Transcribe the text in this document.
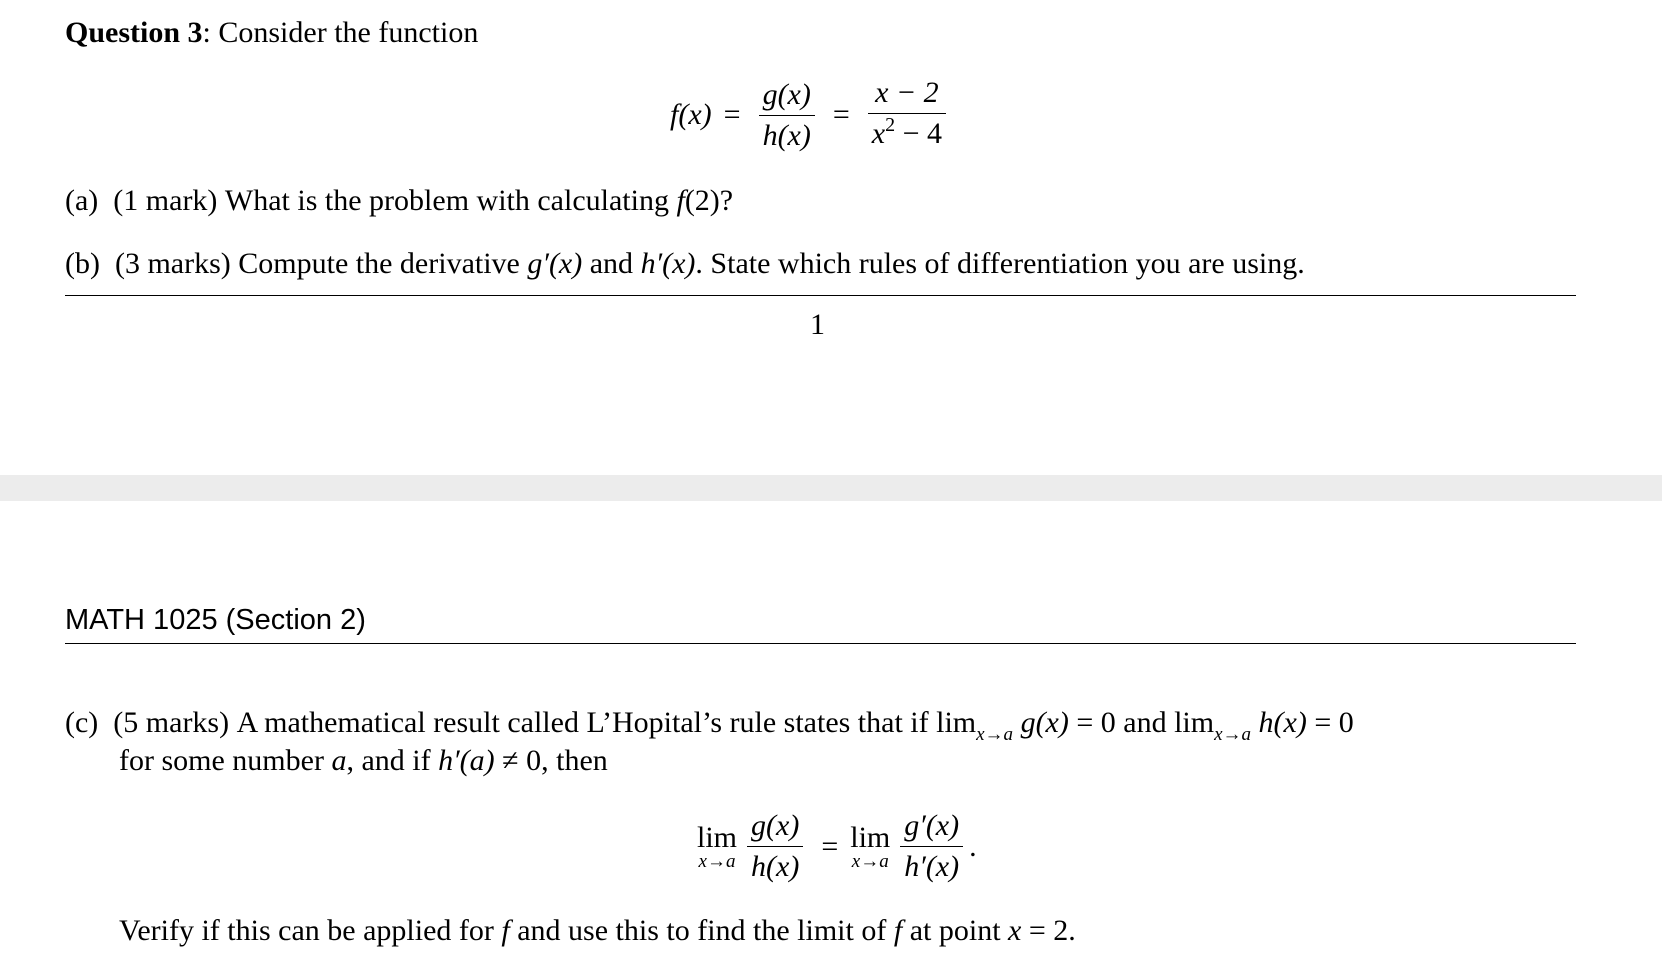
Question 3: Consider the function
$f(x) = \frac{g(x)}{h(x)} = \frac{x - 2}{x^2 - 4}$
(a) (1 mark) What is the problem with calculating f(2)?
(b) (3 marks) Compute the derivative g′(x) and h′(x). State which rules of differentiation you are using.
1
MATH 1025 (Section 2)
(c) (5 marks) A mathematical result called L’Hopital’s rule states that if $\lim_{x\to a} g(x) = 0$ and $\lim_{x\to a} h(x) = 0$
for some number a, and if h′(a) ≠ 0, then
lim
$x\to a \frac{g(x)}{h(x)} = \lim$
$x\to a \frac{g'(x)}{h'(x)}$ .
Verify if this can be applied for f and use this to find the limit of f at point x = 2.
